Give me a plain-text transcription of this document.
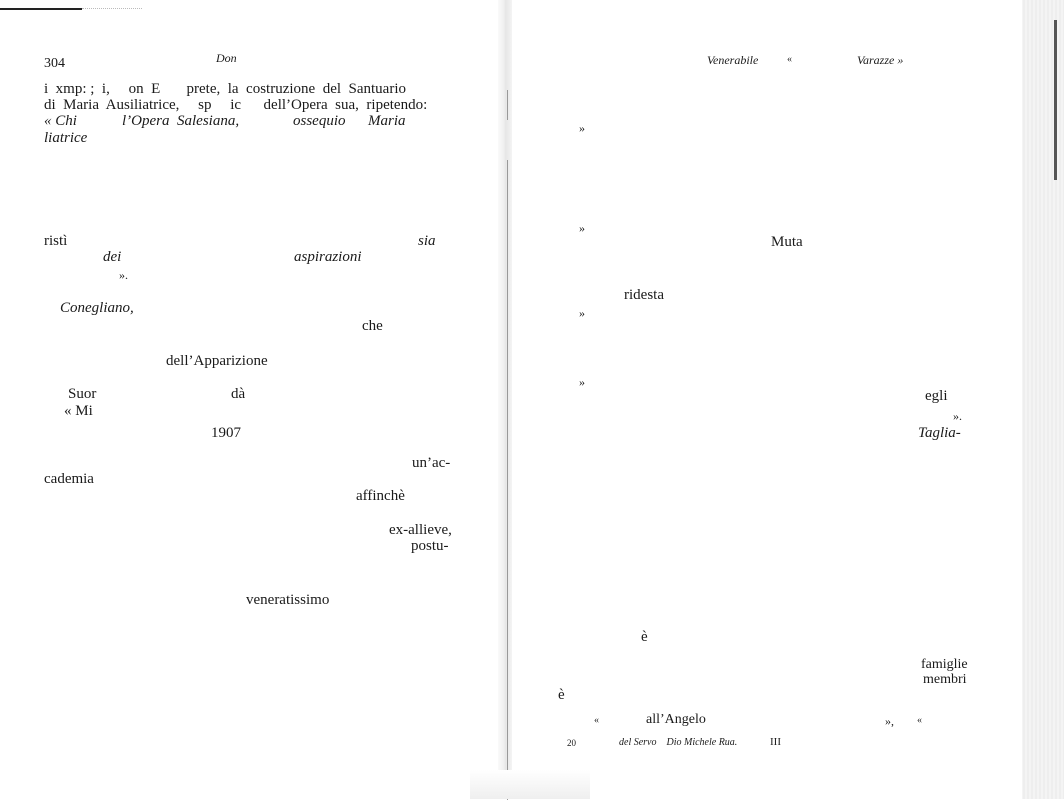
304	Don
i  xmp: ;  i,     on  E       prete,  la  costruzione  del  Santuario
di  Maria  Ausiliatrice,     sp     ic      dell’Opera  sua,  ripetendo:
« Chi	l’Opera  Salesiana,	ossequio Maria
liatrice
ristì	sia
dei	aspirazioni
».
Conegliano,
che
dell’Apparizione
Suor	dà
« Mi
1907
un’ac-
cademia
affinchè
ex-allieve,
postu-
veneratissimo
Venerabile	«	Varazze »
»
»
Muta
ridesta
»
»
egli
».
Taglia-
è
famiglie
membri
è
«	all’Angelo	», «
20	del Servo    Dio Michele Rua.	III
